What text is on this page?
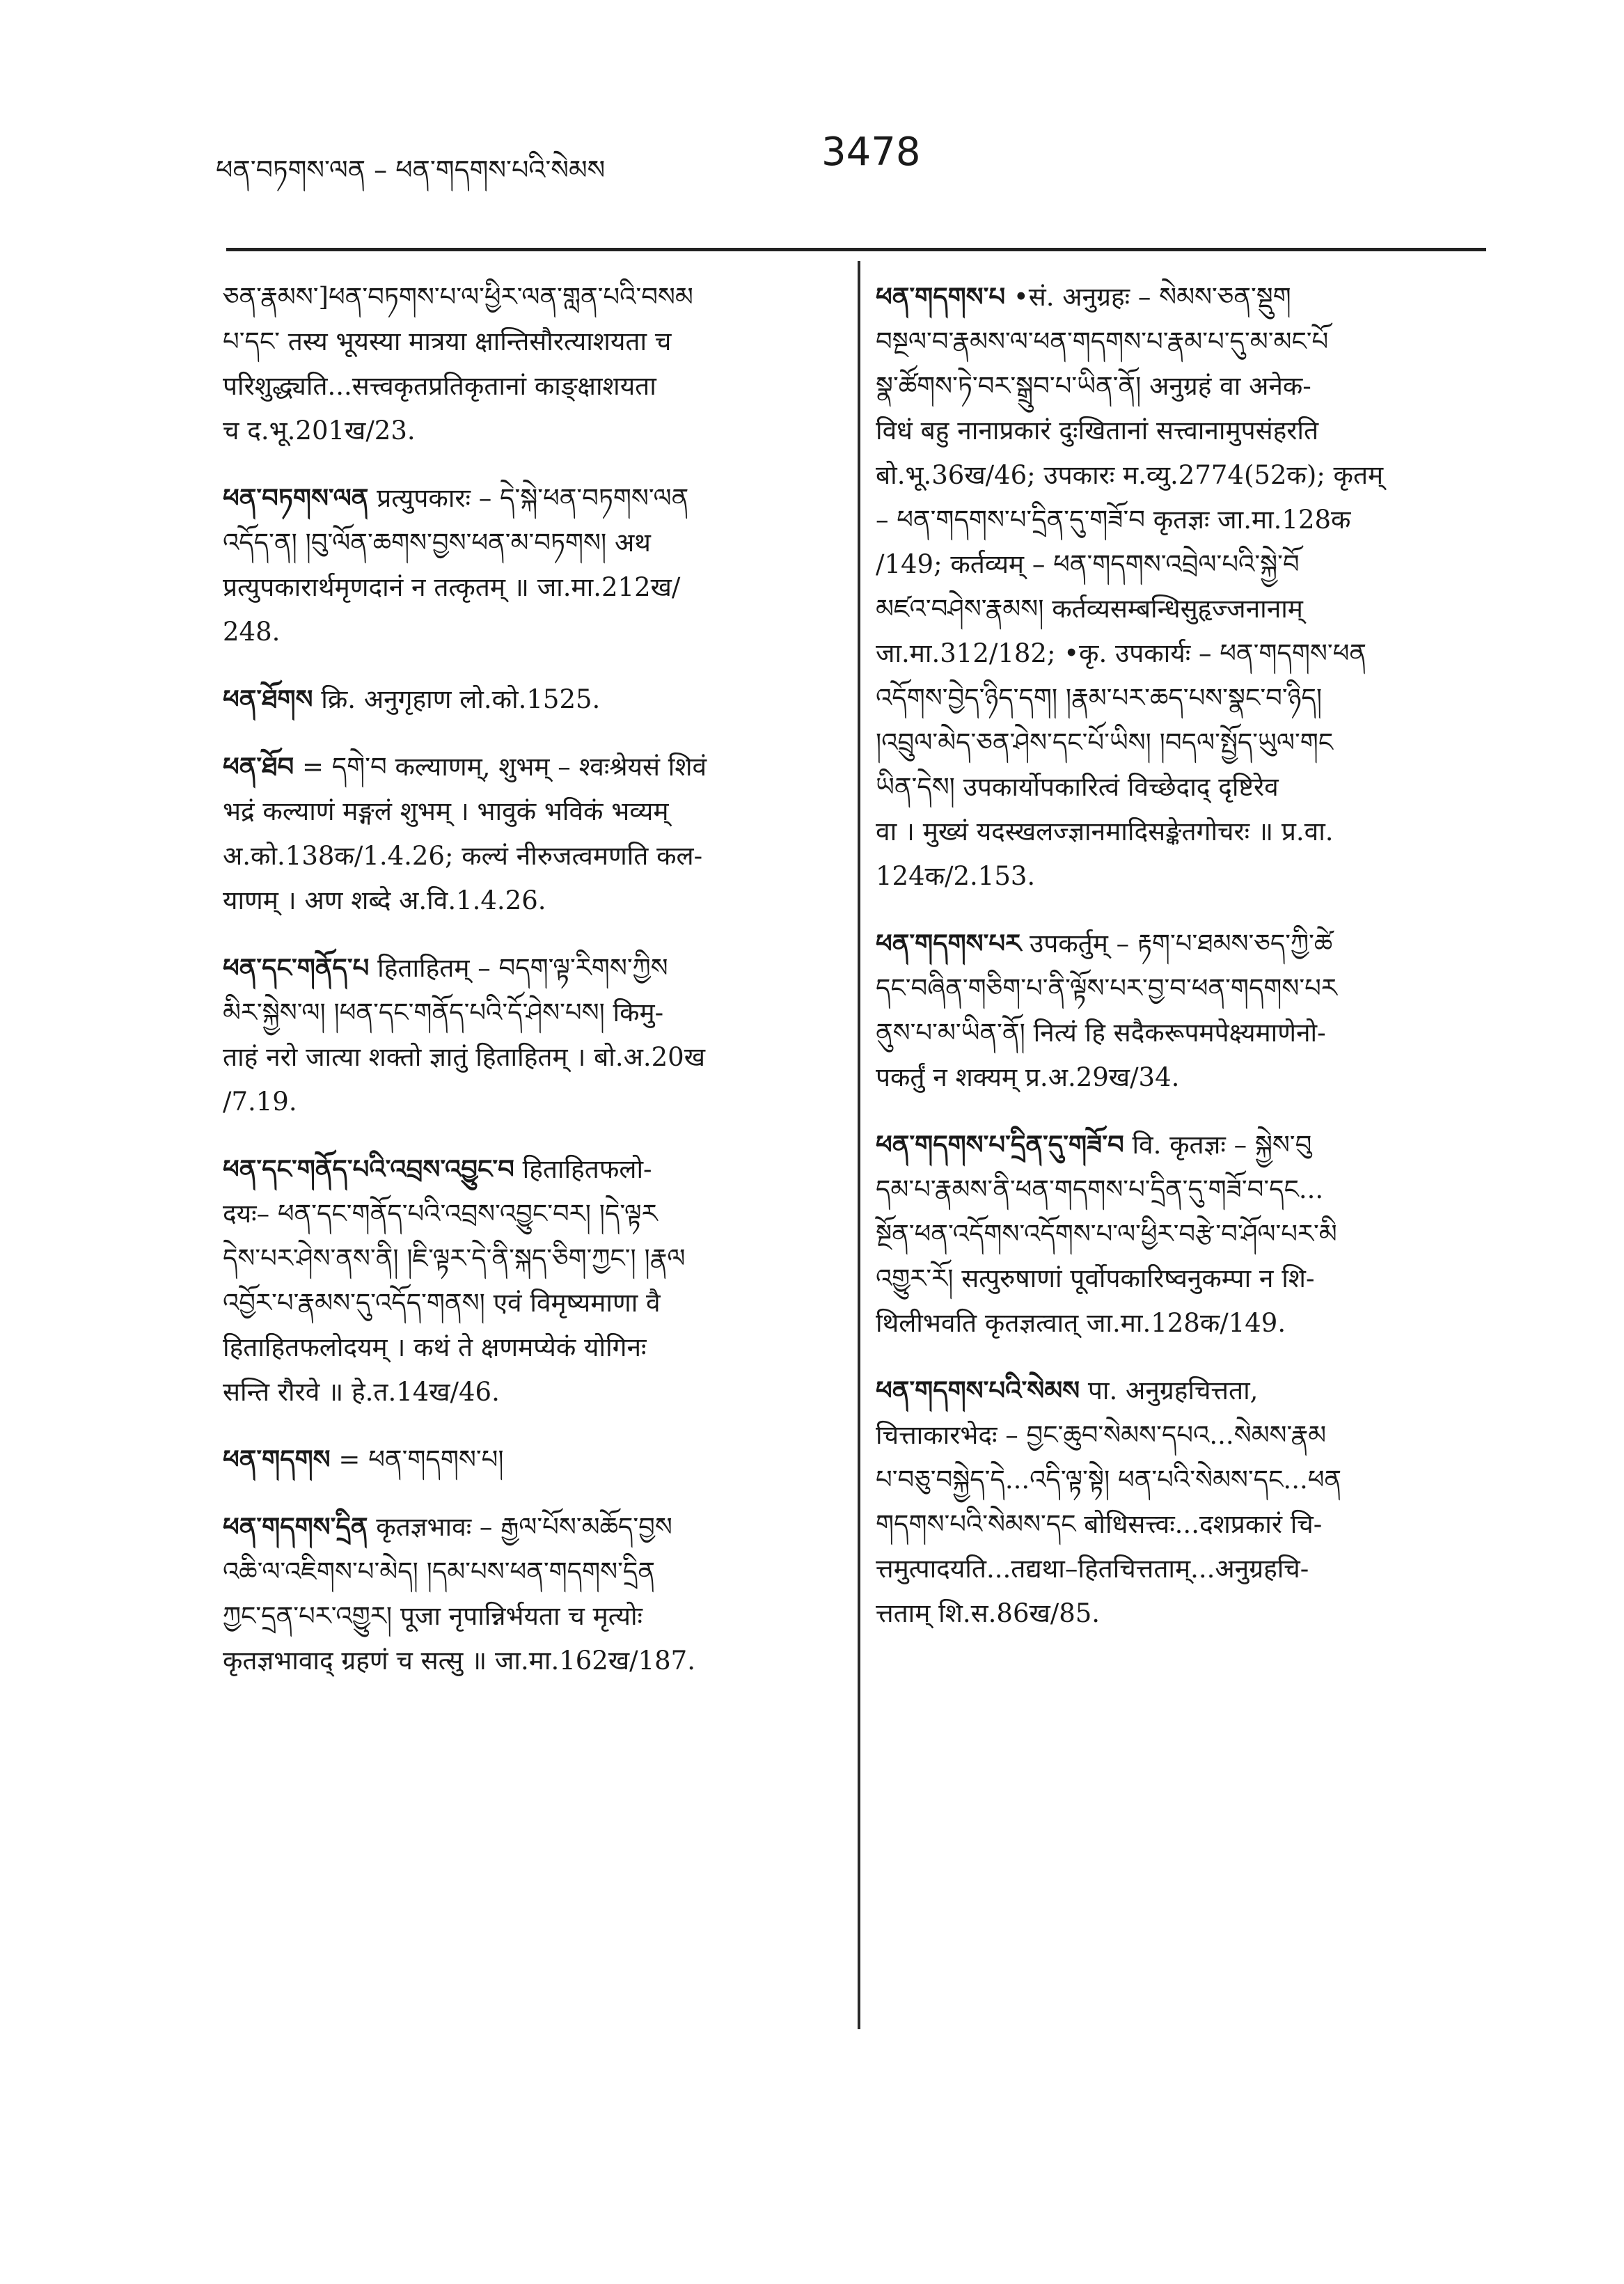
ཕན་བཏགས་ལན – ཕན་གདགས་པའི་སེམས	3478
ཅན་རྣམས་]ཕན་བཏགས་པ་ལ་ཕྱིར་ལན་གླན་པའི་བསམ
པ་དང་ तस्य भूयस्या मात्रया क्षान्तिसौरत्याशयता च
परिशुद्ध्यति...सत्त्वकृतप्रतिकृतानां काङ्क्षाशयता
च द.भू.201ख/23.
ཕན་བཏགས་ལན प्रत्युपकारः – དེ་སྐེ་ཕན་བཏགས་ལན
འདོད་ན། །བུ་ལོན་ཆགས་བྱས་ཕན་མ་བཏགས། अथ
प्रत्युपकारार्थमृणदानं न तत्कृतम् ॥ जा.मा.212ख/
248.
ཕན་ཐོགས क्रि. अनुगृहाण लो.को.1525.
ཕན་ཐོབ = དགེ་བ कल्याणम्, शुभम् – श्वःश्रेयसं शिवं
भद्रं कल्याणं मङ्गलं शुभम् । भावुकं भविकं भव्यम्
अ.को.138क/1.4.26; कल्यं नीरुजत्वमणति कल-
याणम् । अण शब्दे अ.वि.1.4.26.
ཕན་དང་གནོད་པ हिताहितम् – བདག་ལྟ་རིགས་ཀྱིས
མིར་སྐྱེས་ལ། །ཕན་དང་གནོད་པའི་དོ་ཤེས་པས། किमु-
ताहं नरो जात्या शक्तो ज्ञातुं हिताहितम् । बो.अ.20ख
/7.19.
ཕན་དང་གནོད་པའི་འབྲས་འབྱུང་བ हिताहितफलो-
दयः– ཕན་དང་གནོད་པའི་འབྲས་འབྱུང་བར། །དེ་ལྟར
དེས་པར་ཤེས་ནས་ནི། །ཇི་ལྟར་དེ་ནི་སྐད་ཅིག་ཀྱང་། །རྣལ
འབྱོར་པ་རྣམས་དུ་འདོད་གནས། एवं विमृष्यमाणा वै
हिताहितफलोदयम् । कथं ते क्षणमप्येकं योगिनः
सन्ति रौरवे ॥ हे.त.14ख/46.
ཕན་གདགས = ཕན་གདགས་པ།
ཕན་གདགས་དྲིན कृतज्ञभावः – རྒྱལ་པོས་མཆོད་བྱས
འཆི་ལ་འཇིགས་པ་མེད། །དམ་པས་ཕན་གདགས་དྲིན
ཀྱང་དྲན་པར་འགྱུར། पूजा नृपान्निर्भयता च मृत्योः
कृतज्ञभावाद् ग्रहणं च सत्सु ॥ जा.मा.162ख/187.
ཕན་གདགས་པ •सं. अनुग्रहः – སེམས་ཅན་སྡུག
བསྔལ་བ་རྣམས་ལ་ཕན་གདགས་པ་རྣམ་པ་དུ་མ་མང་པོ
སྣ་ཚོགས་ཏེ་བར་སྒྲུབ་པ་ཡིན་ནོ། अनुग्रहं वा अनेक-
विधं बहु नानाप्रकारं दुःखितानां सत्त्वानामुपसंहरति
बो.भू.36ख/46; उपकारः म.व्यु.2774(52क); कृतम्
– ཕན་གདགས་པ་དྲིན་དུ་གཟོ་བ कृतज्ञः जा.मा.128क
/149; कर्तव्यम् – ཕན་གདགས་འབྲེལ་པའི་སྐྱེ་བོ
མཛའ་བཤེས་རྣམས། कर्तव्यसम्बन्धिसुहृज्जनानाम्
जा.मा.312/182; •कृ. उपकार्यः – ཕན་གདགས་ཕན
འདོགས་བྱེད་ཉིད་དག། །རྣམ་པར་ཆད་པས་སྣང་བ་ཉིད།
།འབྲུལ་མེད་ཅན་ཤེས་དང་པོ་ཡིས། །བདལ་སྤྱོད་ཡུལ་གང
ཡིན་དེས། उपकार्योपकारित्वं विच्छेदाद् दृष्टिरेव
वा । मुख्यं यदस्खलज्ज्ञानमादिसङ्केतगोचरः ॥ प्र.वा.
124क/2.153.
ཕན་གདགས་པར उपकर्तुम् – རྟག་པ་ཐམས་ཅད་ཀྱི་ཚེ
དང་བཞིན་གཅིག་པ་ནི་ལྟོས་པར་བྱ་བ་ཕན་གདགས་པར
ནུས་པ་མ་ཡིན་ནོ། नित्यं हि सदैकरूपमपेक्ष्यमाणेनो-
पकर्तुं न शक्यम् प्र.अ.29ख/34.
ཕན་གདགས་པ་དྲིན་དུ་གཟོ་བ वि. कृतज्ञः – སྐྱེས་བུ
དམ་པ་རྣམས་ནི་ཕན་གདགས་པ་དྲིན་དུ་གཟོ་བ་དང...
སྔོན་ཕན་འདོགས་འདོགས་པ་ལ་ཕྱིར་བརྩེ་བ་ཤོལ་པར་མི
འགྱུར་རོ། सत्पुरुषाणां पूर्वोपकारिष्वनुकम्पा न शि-
थिलीभवति कृतज्ञत्वात् जा.मा.128क/149.
ཕན་གདགས་པའི་སེམས पा. अनुग्रहचित्तता,
चित्ताकारभेदः – བྱང་ཆུབ་སེམས་དཔའ...སེམས་རྣམ
པ་བཅུ་བསྐྱེད་དེ...འདི་ལྟ་སྟེ། ཕན་པའི་སེམས་དང...ཕན
གདགས་པའི་སེམས་དང बोधिसत्त्वः...दशप्रकारं चि-
त्तमुत्पादयति...तद्यथा–हितचित्तताम्...अनुग्रहचि-
त्तताम् शि.स.86ख/85.
